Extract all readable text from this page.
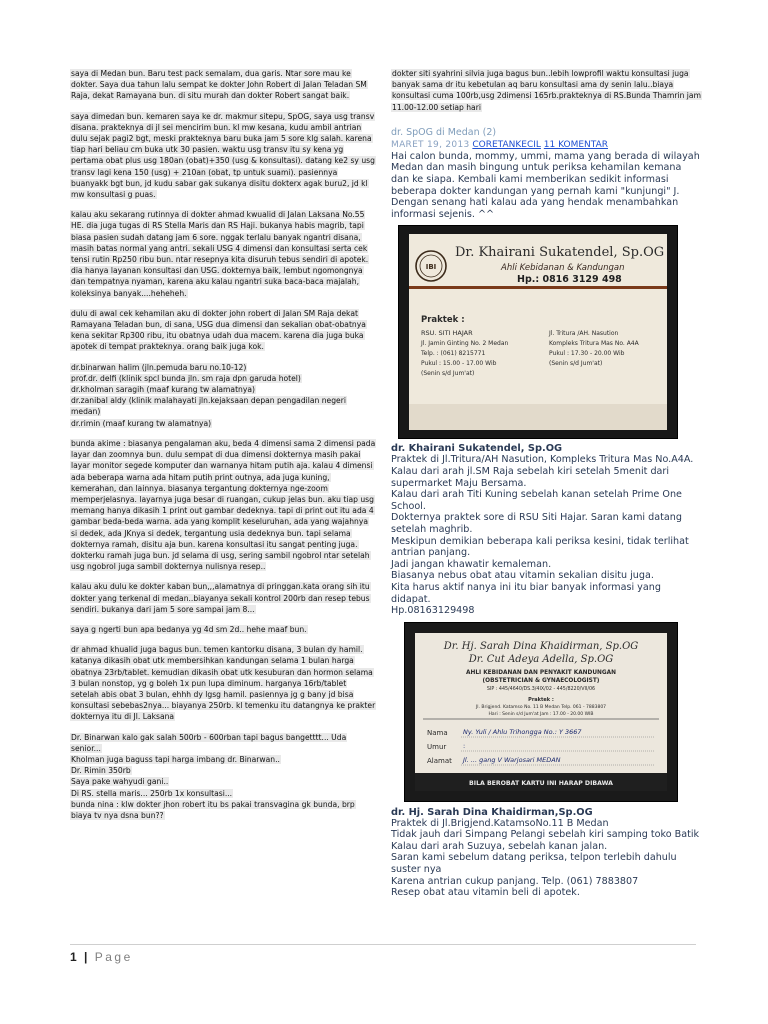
saya di Medan bun. Baru test pack semalam, dua garis. Ntar sore mau ke dokter. Saya dua tahun lalu sempat ke dokter John Robert di Jalan Teladan SM Raja, dekat Ramayana bun. di situ murah dan dokter Robert sangat baik.

saya dimedan bun. kemaren saya ke dr. makmur sitepu, SpOG, saya usg transv disana. prakteknya di jl sei mencirim bun. kl mw kesana, kudu ambil antrian dulu sejak pagi2 bgt, meski prakteknya baru buka jam 5 sore klg salah. karena tiap hari beliau cm buka utk 30 pasien. waktu usg transv itu sy kena yg pertama obat plus usg 180an (obat)+350 (usg & konsultasi). datang ke2 sy usg transv lagi kena 150 (usg) + 210an (obat, tp untuk suami). pasiennya buanyakk bgt bun, jd kudu sabar gak sukanya disitu dokterx agak buru2, jd kl mw konsultasi g puas.

kalau aku sekarang rutinnya di dokter ahmad kwualid di Jalan Laksana No.55 HE. dia juga tugas di RS Stella Maris dan RS Haji. bukanya habis magrib, tapi biasa pasien sudah datang jam 6 sore. nggak terlalu banyak ngantri disana, masih batas normal yang antri. sekali USG 4 dimensi dan konsultasi serta cek tensi rutin Rp250 ribu bun. ntar resepnya kita disuruh tebus sendiri di apotek. dia hanya layanan konsultasi dan USG. dokternya baik, lembut ngomongnya dan tempatnya nyaman, karena aku kalau ngantri suka baca-baca majalah, koleksinya banyak....heheheh.

dulu di awal cek kehamilan aku di dokter john robert di Jalan SM Raja dekat Ramayana Teladan bun, di sana, USG dua dimensi dan sekalian obat-obatnya kena sekitar Rp300 ribu, itu obatnya udah dua macem. karena dia juga buka apotek di tempat prakteknya. orang baik juga kok.

dr.binarwan halim (jln.pemuda baru no.10-12)
prof.dr. delfi (klinik spcl bunda jln. sm raja dpn garuda hotel)
dr.kholman saragih (maaf kurang tw alamatnya)
dr.zanibal aldy (klinik malahayati jln.kejaksaan depan pengadilan negeri medan)
dr.rimin (maaf kurang tw alamatnya)

bunda akime : biasanya pengalaman aku, beda 4 dimensi sama 2 dimensi pada layar dan zoomnya bun. dulu sempat di dua dimensi dokternya masih pakai layar monitor segede komputer dan warnanya hitam putih aja. kalau 4 dimensi ada beberapa warna ada hitam putih print outnya, ada juga kuning, kemerahan, dan lainnya. biasanya tergantung dokternya nge-zoom memperjelasnya. layarnya juga besar di ruangan, cukup jelas bun. aku tiap usg memang hanya dikasih 1 print out gambar dedeknya. tapi di print out itu ada 4 gambar beda-beda warna. ada yang komplit keseluruhan, ada yang wajahnya si dedek, ada JKnya si dedek, tergantung usia dedeknya bun. tapi selama dokternya ramah, disitu aja bun. karena konsultasi itu sangat penting juga. dokterku ramah juga bun. jd selama di usg, sering sambil ngobrol ntar setelah usg ngobrol juga sambil dokternya nulisnya resep..

kalau aku dulu ke dokter kaban bun,,,alamatnya di pringgan.kata orang sih itu dokter yang terkenal di medan..biayanya sekali kontrol 200rb dan resep tebus sendiri. bukanya dari jam 5 sore sampai jam 8...

saya g ngerti bun apa bedanya yg 4d sm 2d.. hehe maaf bun.

dr ahmad khualid juga bagus bun. temen kantorku disana, 3 bulan dy hamil. katanya dikasih obat utk membersihkan kandungan selama 1 bulan harga obatnya 23rb/tablet. kemudian dikasih obat utk kesuburan dan hormon selama 3 bulan nonstop, yg g boleh 1x pun lupa diminum. harganya 16rb/tablet setelah abis obat 3 bulan, ehhh dy lgsg hamil. pasiennya jg g bany jd bisa konsultasi sebebas2nya... biayanya 250rb. kl temenku itu datangnya ke prakter dokternya itu di Jl. Laksana

Dr. Binarwan kalo gak salah 500rb - 600rban tapi bagus bangetttt... Uda senior...
Kholman juga baguss tapi harga imbang dr. Binarwan..
Dr. Rimin 350rb
Saya pake wahyudi gani..
Di RS. stella maris... 250rb 1x konsultasi...
bunda nina : klw dokter jhon robert itu bs pakai transvagina gk bunda, brp biaya tv nya dsna bun??

dokter siti syahrini silvia juga bagus bun..lebih lowprofil waktu konsultasi juga banyak sama dr itu kebetulan aq baru konsultasi ama dy senin lalu..biaya konsultasi cuma 100rb,usg 2dimensi 165rb.prakteknya di RS.Bunda Thamrin jam 11.00-12.00 setiap hari

dr. SpOG di Medan (2)
MARET 19, 2013 CORETANKECIL 11 KOMENTAR
Hai calon bunda, mommy, ummi, mama yang berada di wilayah Medan dan masih bingung untuk periksa kehamilan kemana dan ke siapa. Kembali kami memberikan sedikit informasi beberapa dokter kandungan yang pernah kami "kunjungi" J. Dengan senang hati kalau ada yang hendak menambahkan informasi sejenis. ^^
IBI
Dr. Khairani Sukatendel, Sp.OG
Ahli Kebidanan & Kandungan
Hp.: 0816 3129 498
Praktek :
RSU. SITI HAJAR
Jl. Jamin Ginting No. 2 Medan
Telp. : (061) 8215771
Pukul : 15.00 - 17.00 Wib
(Senin s/d Jum'at)
Jl. Tritura /AH. Nasution
Kompleks Tritura Mas No. A4A
Pukul : 17.30 - 20.00 Wib
(Senin s/d Jum'at)
dr. Khairani Sukatendel, Sp.OG
Praktek di Jl.Tritura/AH Nasution, Kompleks Tritura Mas No.A4A.
Kalau dari arah jl.SM Raja sebelah kiri setelah 5menit dari supermarket Maju Bersama.
Kalau dari arah Titi Kuning sebelah kanan setelah Prime One School.
Dokternya praktek sore di RSU Siti Hajar. Saran kami datang setelah maghrib.
Meskipun demikian beberapa kali periksa kesini, tidak terlihat antrian panjang.
Jadi jangan khawatir kemaleman.
Biasanya nebus obat atau vitamin sekalian disitu juga.
Kita harus aktif nanya ini itu biar banyak informasi yang didapat.
Hp.08163129498
Dr. Hj. Sarah Dina Khaidirman, Sp.OG
Dr. Cut Adeya Adella, Sp.OG
AHLI KEBIDANAN DAN PENYAKIT KANDUNGAN
(OBSTETRICIAN & GYNAECOLOGIST)
SIP : 445/4640/DS.3/4IX/02 - 445/8220/VII/06
Praktek :
Jl. Brigjend. Katamso No. 11 B Medan Telp. 061 - 7883807
Hari : Senin s/d Jum'at Jam : 17.00 - 20.00 WIB
Nama
Umur
Alamat
Ny. Yuli / Ahlu Trihongga No.: Y 3667
:
Jl. ... gang V Warjosari MEDAN
BILA BEROBAT KARTU INI HARAP DIBAWA
dr. Hj. Sarah Dina Khaidirman,Sp.OG
Praktek di Jl.Brigjend.KatamsoNo.11 B Medan
Tidak jauh dari Simpang Pelangi sebelah kiri samping toko Batik
Kalau dari arah Suzuya, sebelah kanan jalan.
Saran kami sebelum datang periksa, telpon terlebih dahulu suster nya
Karena antrian cukup panjang. Telp. (061) 7883807
Resep obat atau vitamin beli di apotek.
1 | Page
